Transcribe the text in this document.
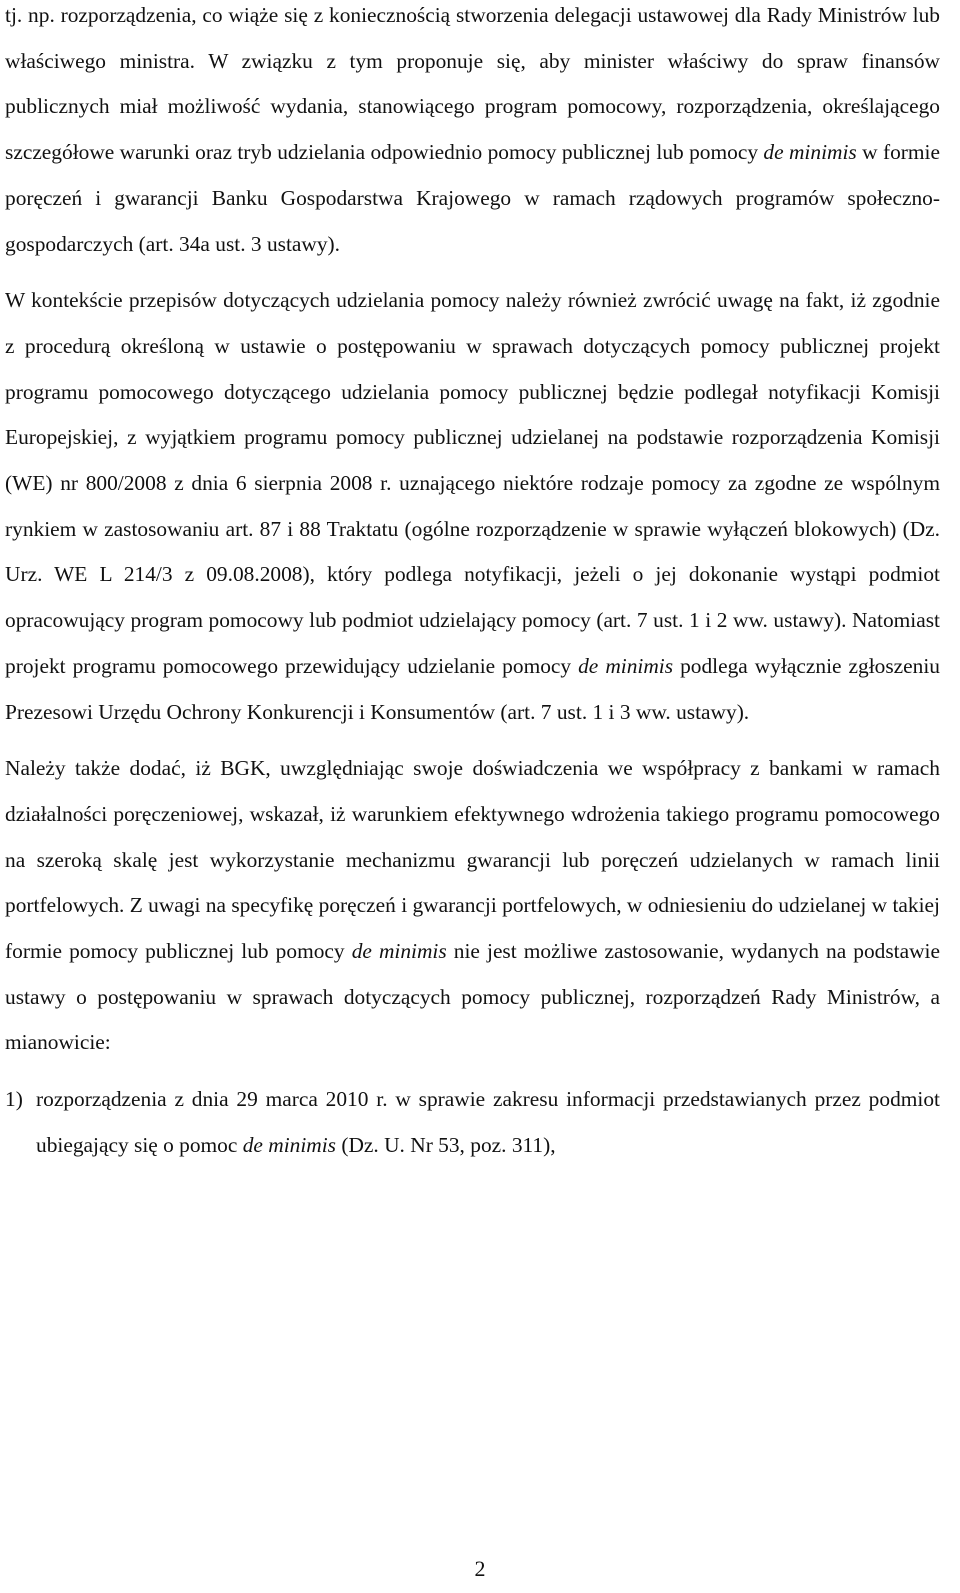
tj. np. rozporządzenia, co wiąże się z koniecznością stworzenia delegacji ustawowej dla Rady Ministrów lub właściwego ministra. W związku z tym proponuje się, aby minister właściwy do spraw finansów publicznych miał możliwość wydania, stanowiącego program pomocowy, rozporządzenia, określającego szczegółowe warunki oraz tryb udzielania odpowiednio pomocy publicznej lub pomocy de minimis w formie poręczeń i gwarancji Banku Gospodarstwa Krajowego w ramach rządowych programów społeczno-gospodarczych (art. 34a ust. 3 ustawy).

W kontekście przepisów dotyczących udzielania pomocy należy również zwrócić uwagę na fakt, iż zgodnie z procedurą określoną w ustawie o postępowaniu w sprawach dotyczących pomocy publicznej projekt programu pomocowego dotyczącego udzielania pomocy publicznej będzie podlegał notyfikacji Komisji Europejskiej, z wyjątkiem programu pomocy publicznej udzielanej na podstawie rozporządzenia Komisji (WE) nr 800/2008 z dnia 6 sierpnia 2008 r. uznającego niektóre rodzaje pomocy za zgodne ze wspólnym rynkiem w zastosowaniu art. 87 i 88 Traktatu (ogólne rozporządzenie w sprawie wyłączeń blokowych) (Dz. Urz. WE L 214/3 z 09.08.2008), który podlega notyfikacji, jeżeli o jej dokonanie wystąpi podmiot opracowujący program pomocowy lub podmiot udzielający pomocy (art. 7 ust. 1 i 2 ww. ustawy). Natomiast projekt programu pomocowego przewidujący udzielanie pomocy de minimis podlega wyłącznie zgłoszeniu Prezesowi Urzędu Ochrony Konkurencji i Konsumentów (art. 7 ust. 1 i 3 ww. ustawy).

Należy także dodać, iż BGK, uwzględniając swoje doświadczenia we współpracy z bankami w ramach działalności poręczeniowej, wskazał, iż warunkiem efektywnego wdrożenia takiego programu pomocowego na szeroką skalę jest wykorzystanie mechanizmu gwarancji lub poręczeń udzielanych w ramach linii portfelowych. Z uwagi na specyfikę poręczeń i gwarancji portfelowych, w odniesieniu do udzielanej w takiej formie pomocy publicznej lub pomocy de minimis nie jest możliwe zastosowanie, wydanych na podstawie ustawy o postępowaniu w sprawach dotyczących pomocy publicznej, rozporządzeń Rady Ministrów, a mianowicie:

1) rozporządzenia z dnia 29 marca 2010 r. w sprawie zakresu informacji przedstawianych przez podmiot ubiegający się o pomoc de minimis (Dz. U. Nr 53, poz. 311),
2
